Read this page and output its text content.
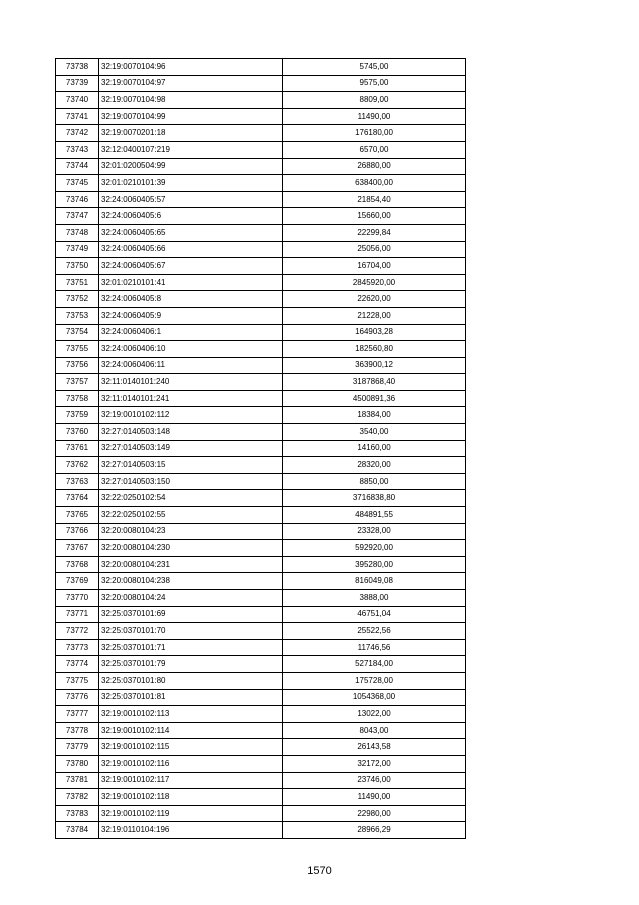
73738	32:19:0070104:96	5745,00
73739	32:19:0070104:97	9575,00
73740	32:19:0070104:98	8809,00
73741	32:19:0070104:99	11490,00
73742	32:19:0070201:18	176180,00
73743	32:12:0400107:219	6570,00
73744	32:01:0200504:99	26880,00
73745	32:01:0210101:39	638400,00
73746	32:24:0060405:57	21854,40
73747	32:24:0060405:6	15660,00
73748	32:24:0060405:65	22299,84
73749	32:24:0060405:66	25056,00
73750	32:24:0060405:67	16704,00
73751	32:01:0210101:41	2845920,00
73752	32:24:0060405:8	22620,00
73753	32:24:0060405:9	21228,00
73754	32:24:0060406:1	164903,28
73755	32:24:0060406:10	182560,80
73756	32:24:0060406:11	363900,12
73757	32:11:0140101:240	3187868,40
73758	32:11:0140101:241	4500891,36
73759	32:19:0010102:112	18384,00
73760	32:27:0140503:148	3540,00
73761	32:27:0140503:149	14160,00
73762	32:27:0140503:15	28320,00
73763	32:27:0140503:150	8850,00
73764	32:22:0250102:54	3716838,80
73765	32:22:0250102:55	484891,55
73766	32:20:0080104:23	23328,00
73767	32:20:0080104:230	592920,00
73768	32:20:0080104:231	395280,00
73769	32:20:0080104:238	816049,08
73770	32:20:0080104:24	3888,00
73771	32:25:0370101:69	46751,04
73772	32:25:0370101:70	25522,56
73773	32:25:0370101:71	11746,56
73774	32:25:0370101:79	527184,00
73775	32:25:0370101:80	175728,00
73776	32:25:0370101:81	1054368,00
73777	32:19:0010102:113	13022,00
73778	32:19:0010102:114	8043,00
73779	32:19:0010102:115	26143,58
73780	32:19:0010102:116	32172,00
73781	32:19:0010102:117	23746,00
73782	32:19:0010102:118	11490,00
73783	32:19:0010102:119	22980,00
73784	32:19:0110104:196	28966,29
1570
